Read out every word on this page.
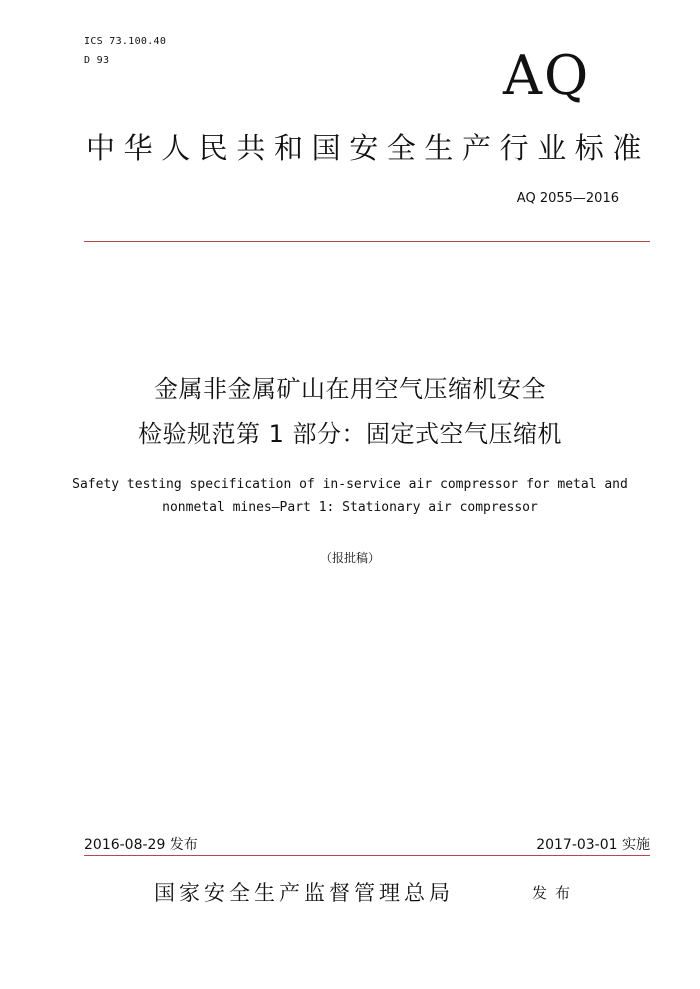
ICS 73.100.40
D 93	AQ
中华人民共和国安全生产行业标准
AQ 2055—2016
金属非金属矿山在用空气压缩机安全
检验规范第 1 部分：固定式空气压缩机
Safety testing specification of in-service air compressor for metal and
nonmetal mines—Part 1: Stationary air compressor
（报批稿）
2016-08-29 发布	2017-03-01 实施
国家安全生产监督管理总局	发布
